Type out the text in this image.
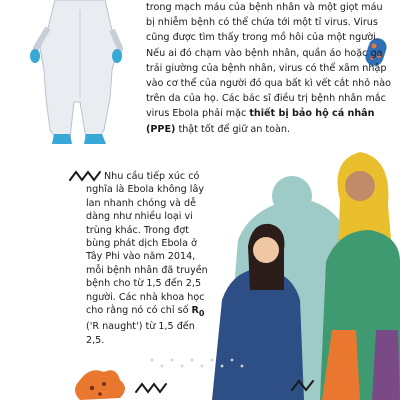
trong mạch máu của bệnh nhân và một giọt máu bị nhiễm bệnh có thể chứa tới một tỉ virus. Virus cũng được tìm thấy trong mồ hôi của một người. Nếu ai đó chạm vào bệnh nhân, quần áo hoặc ga trải giường của bệnh nhân, virus có thể xâm nhập vào cơ thể của người đó qua bất kì vết cắt nhỏ nào trên da của họ. Các bác sĩ điều trị bệnh nhân mắc virus Ebola phải mặc thiết bị bảo hộ cá nhân (PPE) thật tốt để giữ an toàn.

Nhu cầu tiếp xúc có nghĩa là Ebola không lây lan nhanh chóng và dễ dàng như nhiều loại vi trùng khác. Trong đợt bùng phát dịch Ebola ở Tây Phi vào năm 2014, mỗi bệnh nhân đã truyền bệnh cho từ 1,5 đến 2,5 người. Các nhà khoa học cho rằng nó có chỉ số $R_0$ ('R naught') từ 1,5 đến 2,5.
